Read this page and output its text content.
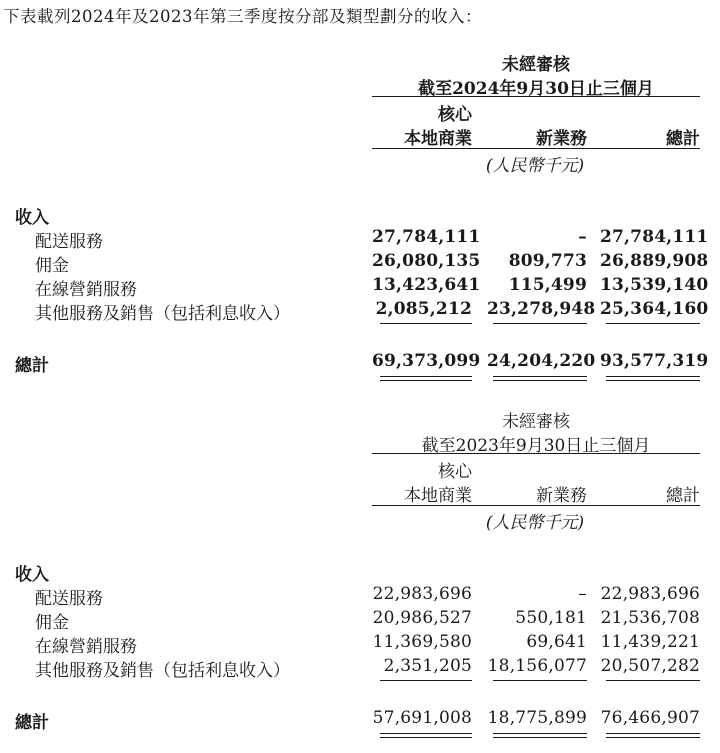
下表載列2024年及2023年第三季度按分部及類型劃分的收入：
未經審核
截至2024年9月30日止三個月
核心
本地商業	新業務	總計
(人民幣千元)
收入
配送服務	27,784,111	– 27,784,111
佣金	26,080,135	809,773 26,889,908
在線營銷服務	13,423,641	115,499 13,539,140
其他服務及銷售（包括利息收入）	2,085,212 23,278,948 25,364,160
總計	69,373,099 24,204,220 93,577,319
未經審核
截至2023年9月30日止三個月
核心
本地商業	新業務	總計
(人民幣千元)
收入
配送服務	22,983,696	– 22,983,696
佣金	20,986,527	550,181 21,536,708
在線營銷服務	11,369,580	69,641 11,439,221
其他服務及銷售（包括利息收入）	2,351,205 18,156,077 20,507,282
總計	57,691,008 18,775,899 76,466,907
